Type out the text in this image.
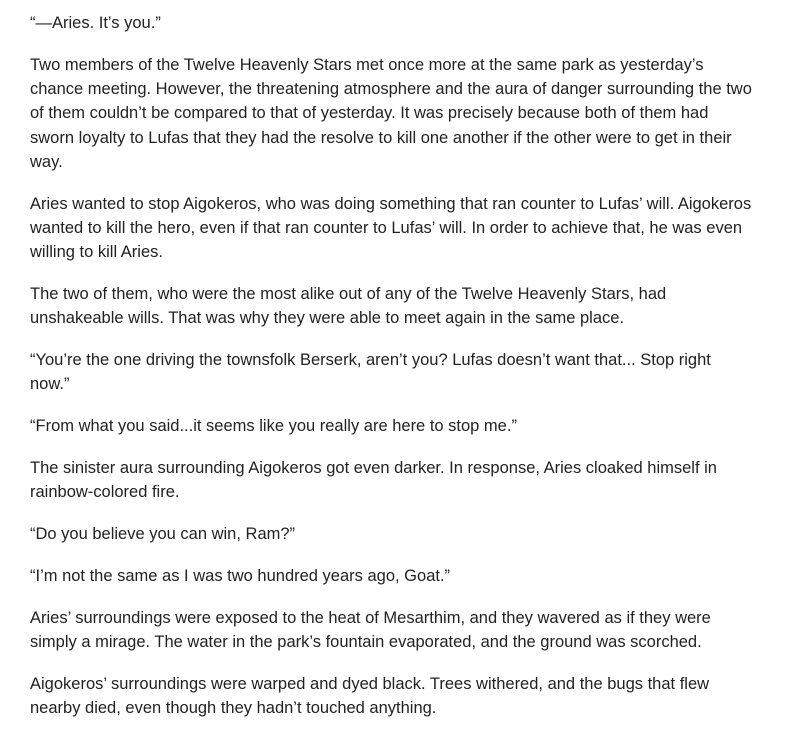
“—Aries. It’s you.”

Two members of the Twelve Heavenly Stars met once more at the same park as yesterday’s chance meeting. However, the threatening atmosphere and the aura of danger surrounding the two of them couldn’t be compared to that of yesterday. It was precisely because both of them had sworn loyalty to Lufas that they had the resolve to kill one another if the other were to get in their way.

Aries wanted to stop Aigokeros, who was doing something that ran counter to Lufas’ will. Aigokeros wanted to kill the hero, even if that ran counter to Lufas’ will. In order to achieve that, he was even willing to kill Aries.

The two of them, who were the most alike out of any of the Twelve Heavenly Stars, had unshakeable wills. That was why they were able to meet again in the same place.

“You’re the one driving the townsfolk Berserk, aren’t you? Lufas doesn’t want that... Stop right now.”

“From what you said...it seems like you really are here to stop me.”

The sinister aura surrounding Aigokeros got even darker. In response, Aries cloaked himself in rainbow-colored fire.

“Do you believe you can win, Ram?”

“I’m not the same as I was two hundred years ago, Goat.”

Aries’ surroundings were exposed to the heat of Mesarthim, and they wavered as if they were simply a mirage. The water in the park’s fountain evaporated, and the ground was scorched.

Aigokeros’ surroundings were warped and dyed black. Trees withered, and the bugs that flew nearby died, even though they hadn’t touched anything.
